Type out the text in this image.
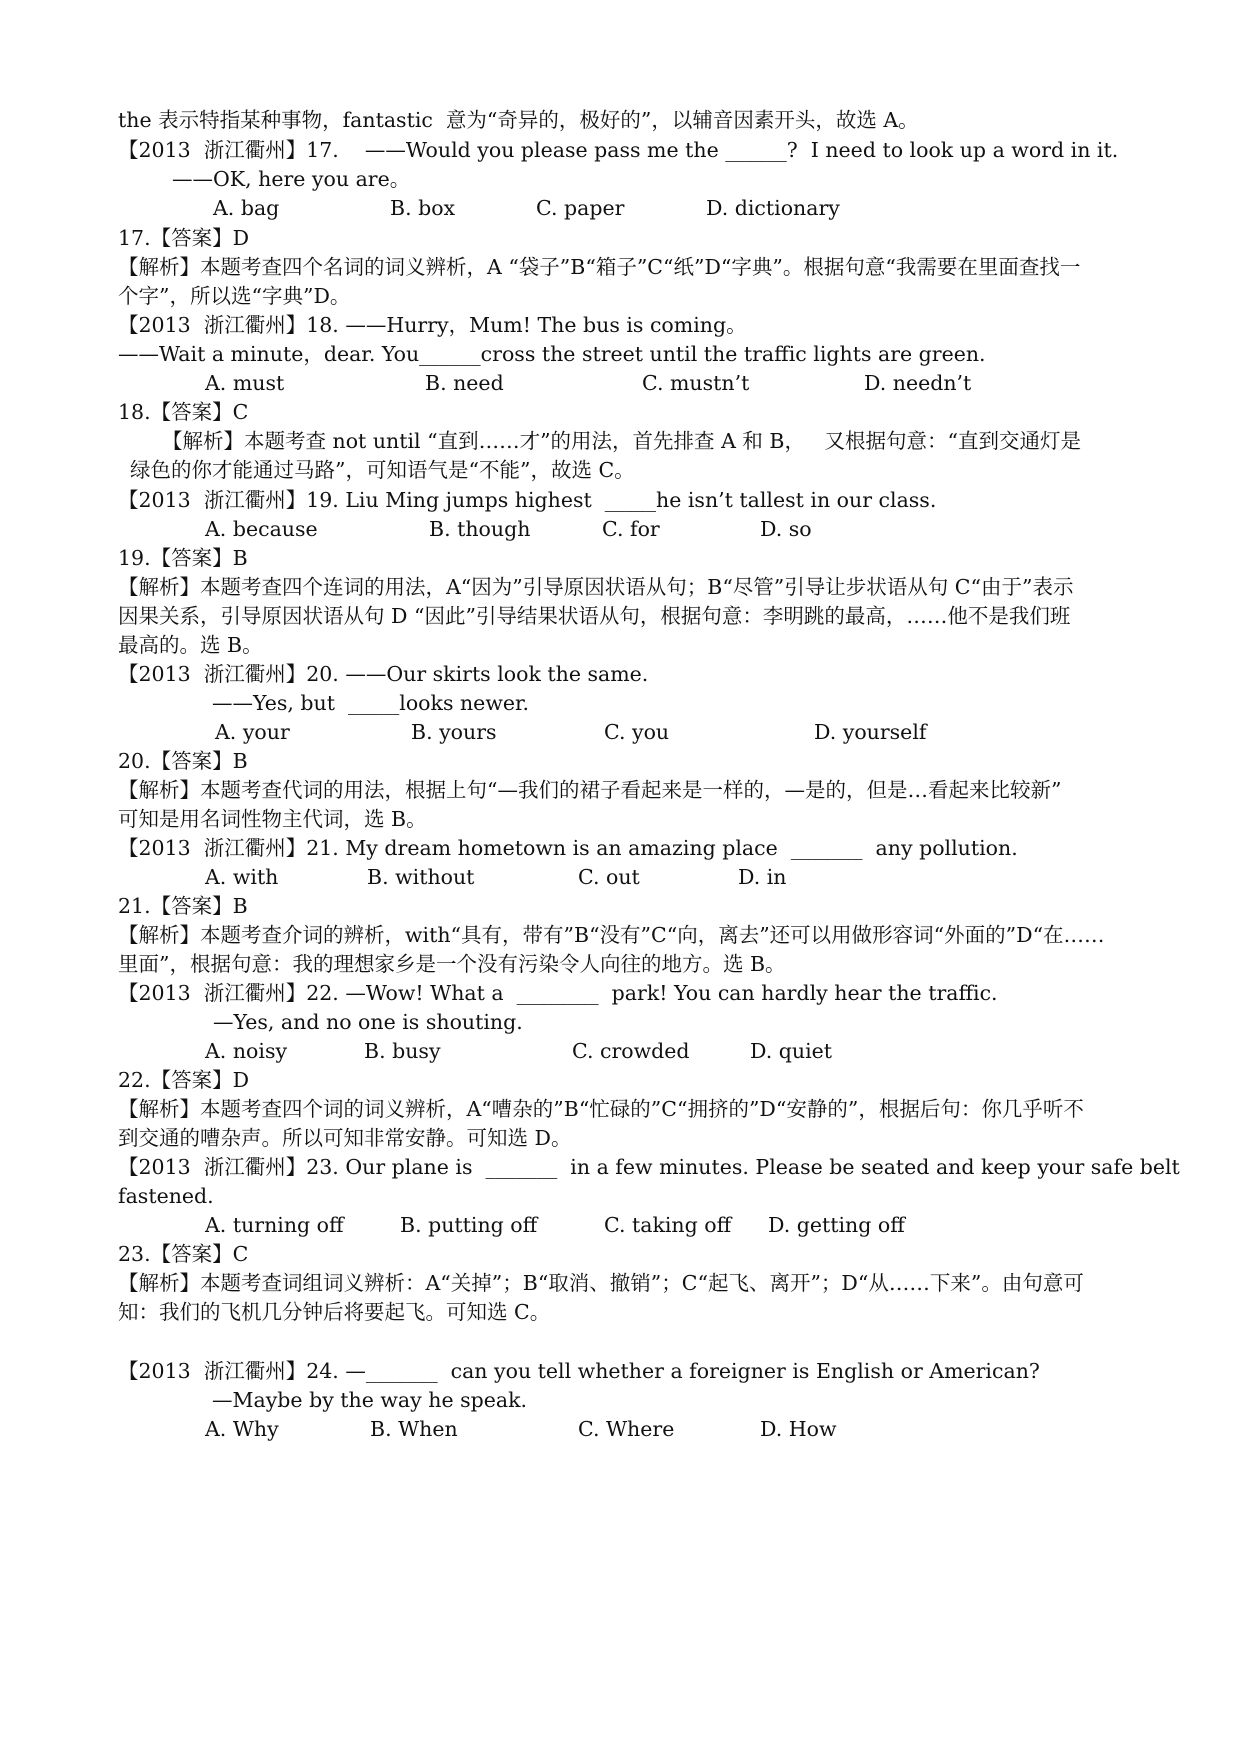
the 表示特指某种事物，fantastic  意为“奇异的，极好的”，以辅音因素开头，故选 A。
【2013  浙江衢州】17.    ——Would you please pass me the ______?  I need to look up a word in it.
——OK, here you are。
A. bag	B. box	C. paper	D. dictionary
17.【答案】D
【解析】本题考查四个名词的词义辨析，A “袋子”B“箱子”C“纸”D“字典”。根据句意“我需要在里面查找一
个字”，所以选“字典”D。
【2013  浙江衢州】18. ——Hurry，Mum! The bus is coming。
——Wait a minute，dear. You______cross the street until the traffic lights are green.
A. must	B. need	C. mustn’t	D. needn’t
18.【答案】C
【解析】本题考查 not until “直到……才”的用法，首先排查 A 和 B，   又根据句意：“直到交通灯是
绿色的你才能通过马路”，可知语气是“不能”，故选 C。
【2013  浙江衢州】19. Liu Ming jumps highest  _____he isn’t tallest in our class.
A. because	B. though	C. for	D. so
19.【答案】B
【解析】本题考查四个连词的用法，A“因为”引导原因状语从句；B“尽管”引导让步状语从句 C“由于”表示
因果关系，引导原因状语从句 D “因此”引导结果状语从句，根据句意：李明跳的最高，……他不是我们班
最高的。选 B。
【2013  浙江衢州】20. ——Our skirts look the same.
——Yes, but  _____looks newer.
A. your	B. yours	C. you	D. yourself
20.【答案】B
【解析】本题考查代词的用法，根据上句“—我们的裙子看起来是一样的，—是的，但是…看起来比较新”
可知是用名词性物主代词，选 B。
【2013  浙江衢州】21. My dream hometown is an amazing place  _______  any pollution.
A. with	B. without	C. out	D. in
21.【答案】B
【解析】本题考查介词的辨析，with“具有，带有”B“没有”C“向，离去”还可以用做形容词“外面的”D“在……
里面”，根据句意：我的理想家乡是一个没有污染令人向往的地方。选 B。
【2013  浙江衢州】22. —Wow! What a  ________  park! You can hardly hear the traffic.
—Yes, and no one is shouting.
A. noisy	B. busy	C. crowded	D. quiet
22.【答案】D
【解析】本题考查四个词的词义辨析，A“嘈杂的”B“忙碌的”C“拥挤的”D“安静的”，根据后句：你几乎听不
到交通的嘈杂声。所以可知非常安静。可知选 D。
【2013  浙江衢州】23. Our plane is  _______  in a few minutes. Please be seated and keep your safe belt
fastened.
A. turning off	B. putting off	C. taking off D. getting off
23.【答案】C
【解析】本题考查词组词义辨析：A“关掉”；B“取消、撤销”；C“起飞、离开”；D“从……下来”。由句意可
知：我们的飞机几分钟后将要起飞。可知选 C。
【2013  浙江衢州】24. —_______  can you tell whether a foreigner is English or American?
—Maybe by the way he speak.
A. Why	B. When	C. Where	D. How
